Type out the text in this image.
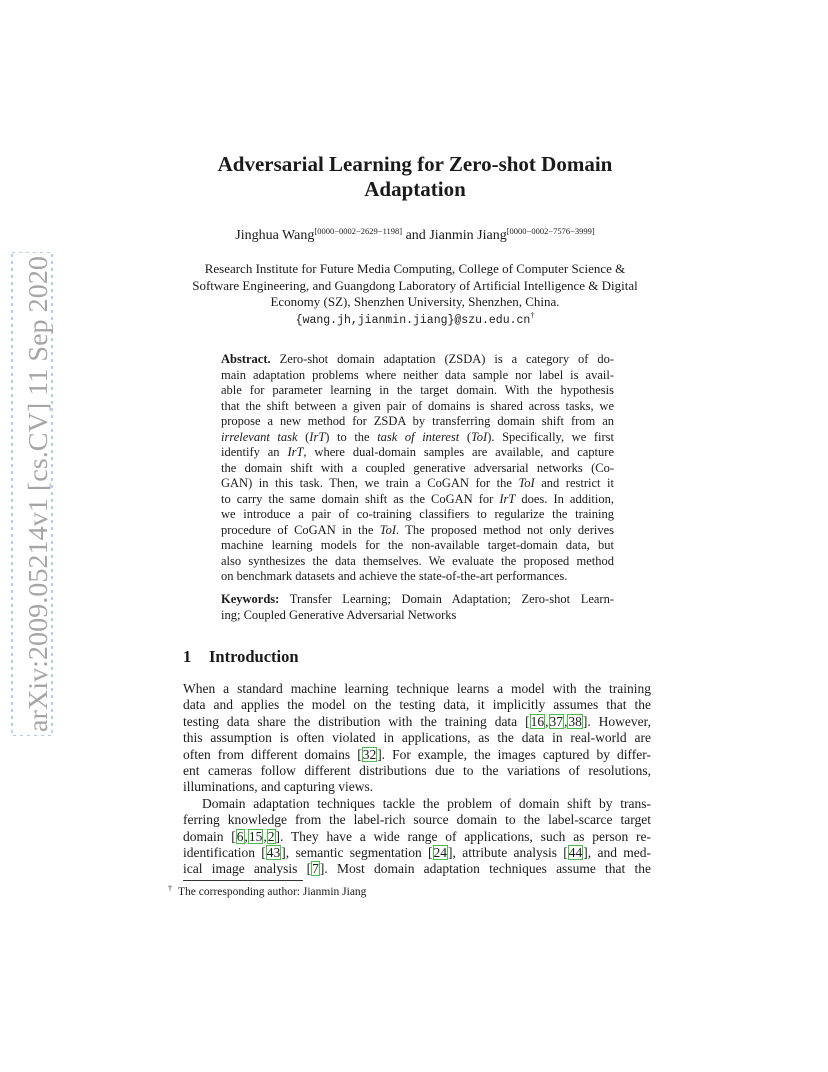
arXiv:2009.05214v1 [cs.CV] 11 Sep 2020
Adversarial Learning for Zero-shot Domain
Adaptation
Jinghua Wang[0000−0002−2629−1198] and Jianmin Jiang[0000−0002−7576−3999]
Research Institute for Future Media Computing, College of Computer Science &
Software Engineering, and Guangdong Laboratory of Artificial Intelligence & Digital
Economy (SZ), Shenzhen University, Shenzhen, China.
{wang.jh,jianmin.jiang}@szu.edu.cn†
Abstract. Zero-shot domain adaptation (ZSDA) is a category of do-
main adaptation problems where neither data sample nor label is avail-
able for parameter learning in the target domain. With the hypothesis
that the shift between a given pair of domains is shared across tasks, we
propose a new method for ZSDA by transferring domain shift from an
irrelevant task (IrT) to the task of interest (ToI). Specifically, we first
identify an IrT, where dual-domain samples are available, and capture
the domain shift with a coupled generative adversarial networks (Co-
GAN) in this task. Then, we train a CoGAN for the ToI and restrict it
to carry the same domain shift as the CoGAN for IrT does. In addition,
we introduce a pair of co-training classifiers to regularize the training
procedure of CoGAN in the ToI. The proposed method not only derives
machine learning models for the non-available target-domain data, but
also synthesizes the data themselves. We evaluate the proposed method
on benchmark datasets and achieve the state-of-the-art performances.
Keywords: Transfer Learning; Domain Adaptation; Zero-shot Learn-
ing; Coupled Generative Adversarial Networks
1 Introduction
When a standard machine learning technique learns a model with the training
data and applies the model on the testing data, it implicitly assumes that the
testing data share the distribution with the training data [16,37,38]. However,
this assumption is often violated in applications, as the data in real-world are
often from different domains [32]. For example, the images captured by differ-
ent cameras follow different distributions due to the variations of resolutions,
illuminations, and capturing views.
Domain adaptation techniques tackle the problem of domain shift by trans-
ferring knowledge from the label-rich source domain to the label-scarce target
domain [6,15,2]. They have a wide range of applications, such as person re-
identification [43], semantic segmentation [24], attribute analysis [44], and med-
ical image analysis [7]. Most domain adaptation techniques assume that the
† The corresponding author: Jianmin Jiang
